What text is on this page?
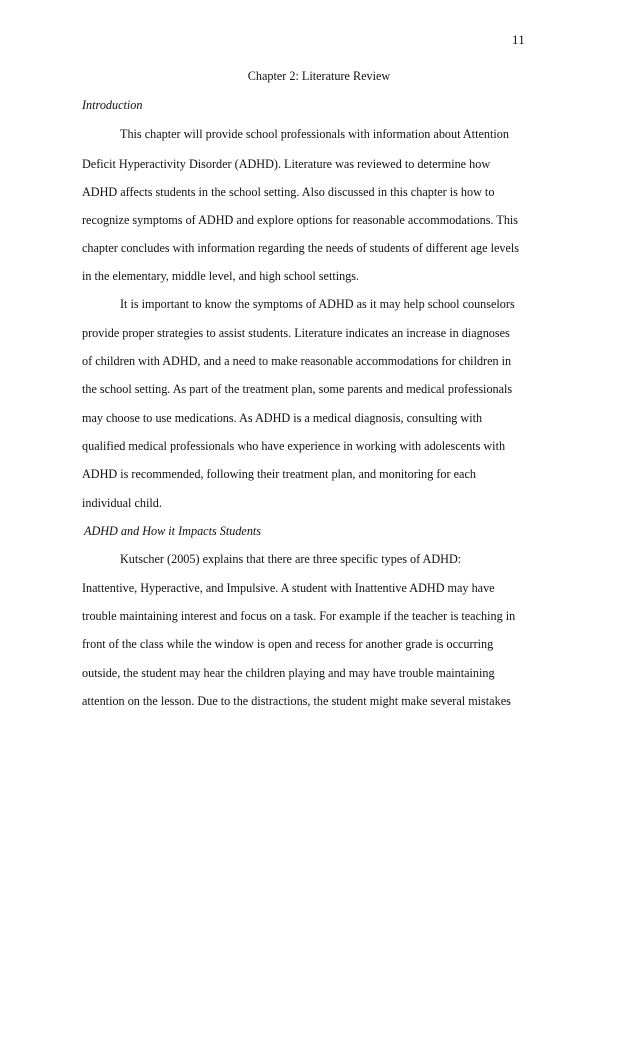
11
Chapter 2: Literature Review
Introduction
This chapter will provide school professionals with information about Attention
Deficit Hyperactivity Disorder (ADHD). Literature was reviewed to determine how
ADHD affects students in the school setting. Also discussed in this chapter is how to
recognize symptoms of ADHD and explore options for reasonable accommodations. This
chapter concludes with information regarding the needs of students of different age levels
in the elementary, middle level, and high school settings.
It is important to know the symptoms of ADHD as it may help school counselors
provide proper strategies to assist students. Literature indicates an increase in diagnoses
of children with ADHD, and a need to make reasonable accommodations for children in
the school setting. As part of the treatment plan, some parents and medical professionals
may choose to use medications. As ADHD is a medical diagnosis, consulting with
qualified medical professionals who have experience in working with adolescents with
ADHD is recommended, following their treatment plan, and monitoring for each
individual child.
ADHD and How it Impacts Students
Kutscher (2005) explains that there are three specific types of ADHD:
Inattentive, Hyperactive, and Impulsive. A student with Inattentive ADHD may have
trouble maintaining interest and focus on a task. For example if the teacher is teaching in
front of the class while the window is open and recess for another grade is occurring
outside, the student may hear the children playing and may have trouble maintaining
attention on the lesson. Due to the distractions, the student might make several mistakes
